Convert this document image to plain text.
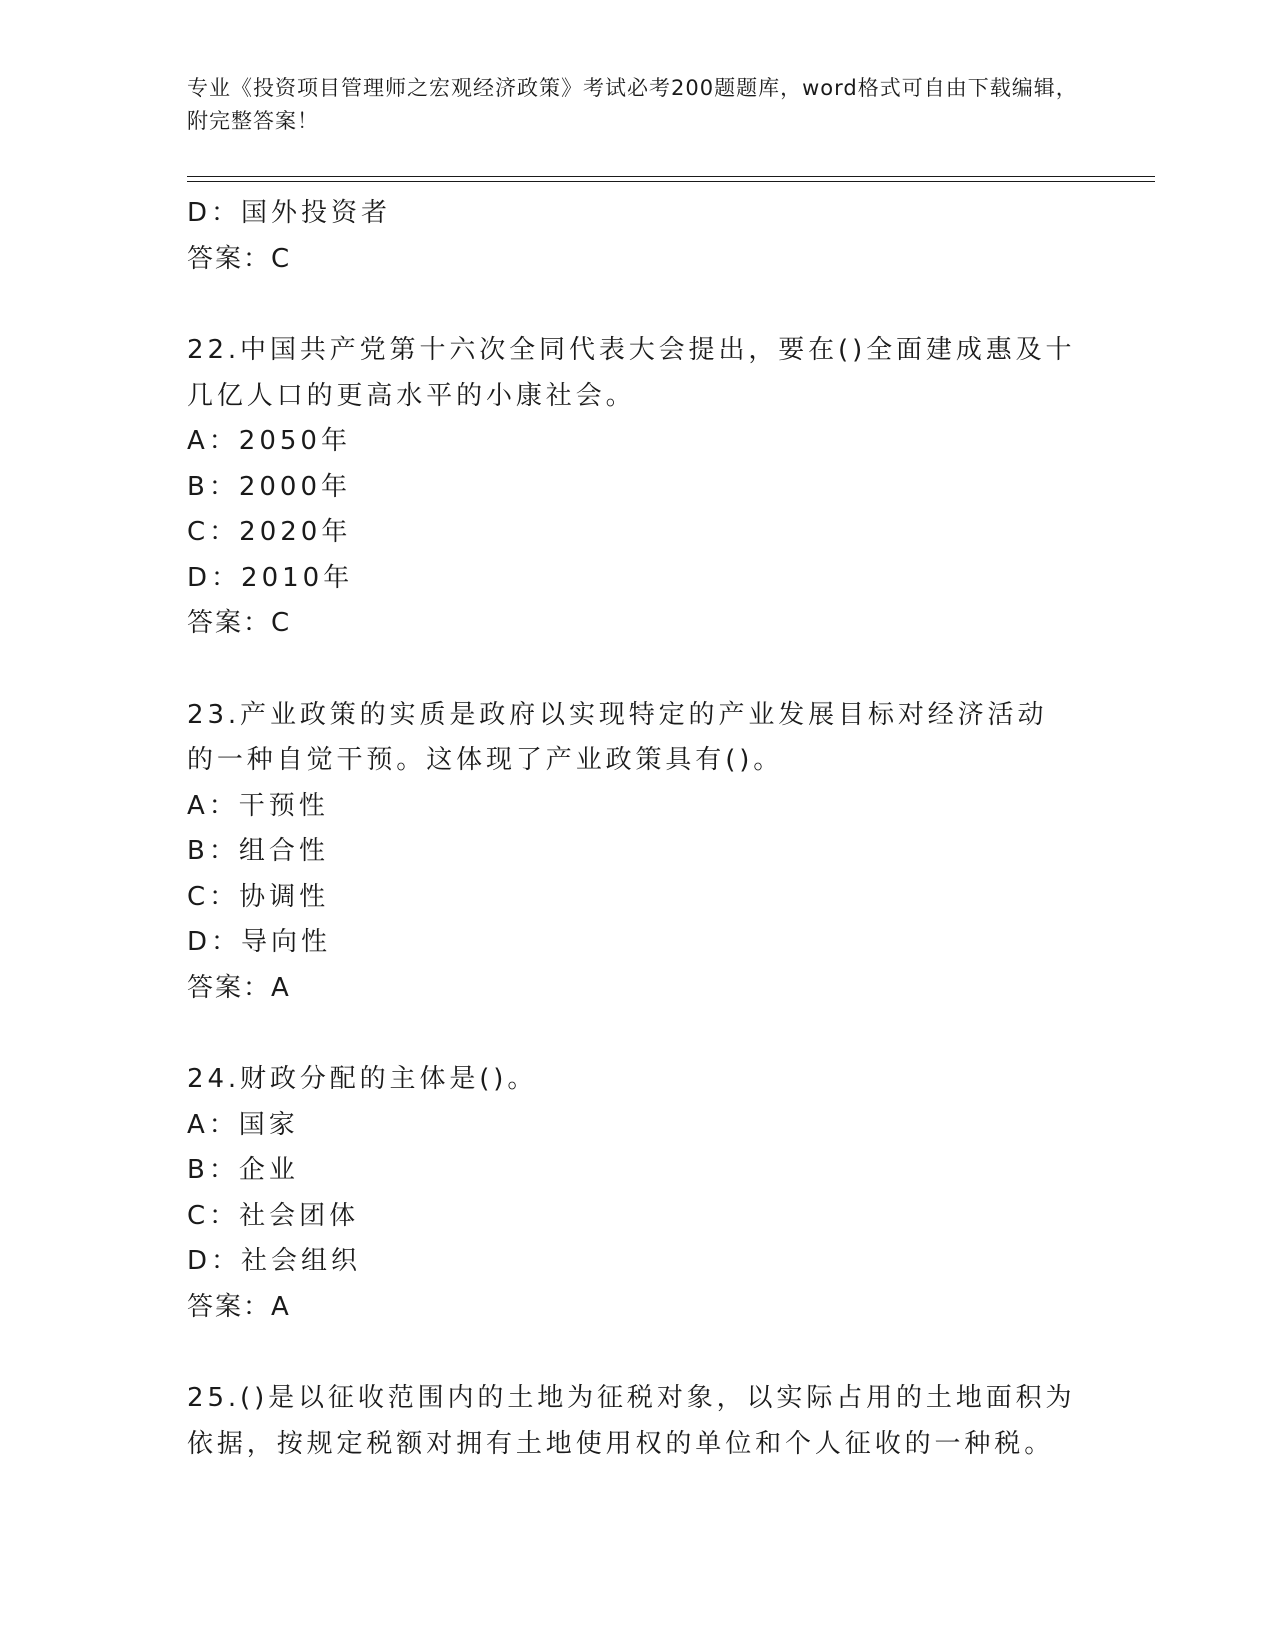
专业《投资项目管理师之宏观经济政策》考试必考200题题库，word格式可自由下载编辑，附完整答案！
D：国外投资者
答案：C
22.中国共产党第十六次全同代表大会提出，要在()全面建成惠及十几亿人口的更高水平的小康社会。
A：2050年
B：2000年
C：2020年
D：2010年
答案：C
23.产业政策的实质是政府以实现特定的产业发展目标对经济活动的一种自觉干预。这体现了产业政策具有()。
A：干预性
B：组合性
C：协调性
D：导向性
答案：A
24.财政分配的主体是()。
A：国家
B：企业
C：社会团体
D：社会组织
答案：A
25.()是以征收范围内的土地为征税对象，以实际占用的土地面积为依据，按规定税额对拥有土地使用权的单位和个人征收的一种税。
